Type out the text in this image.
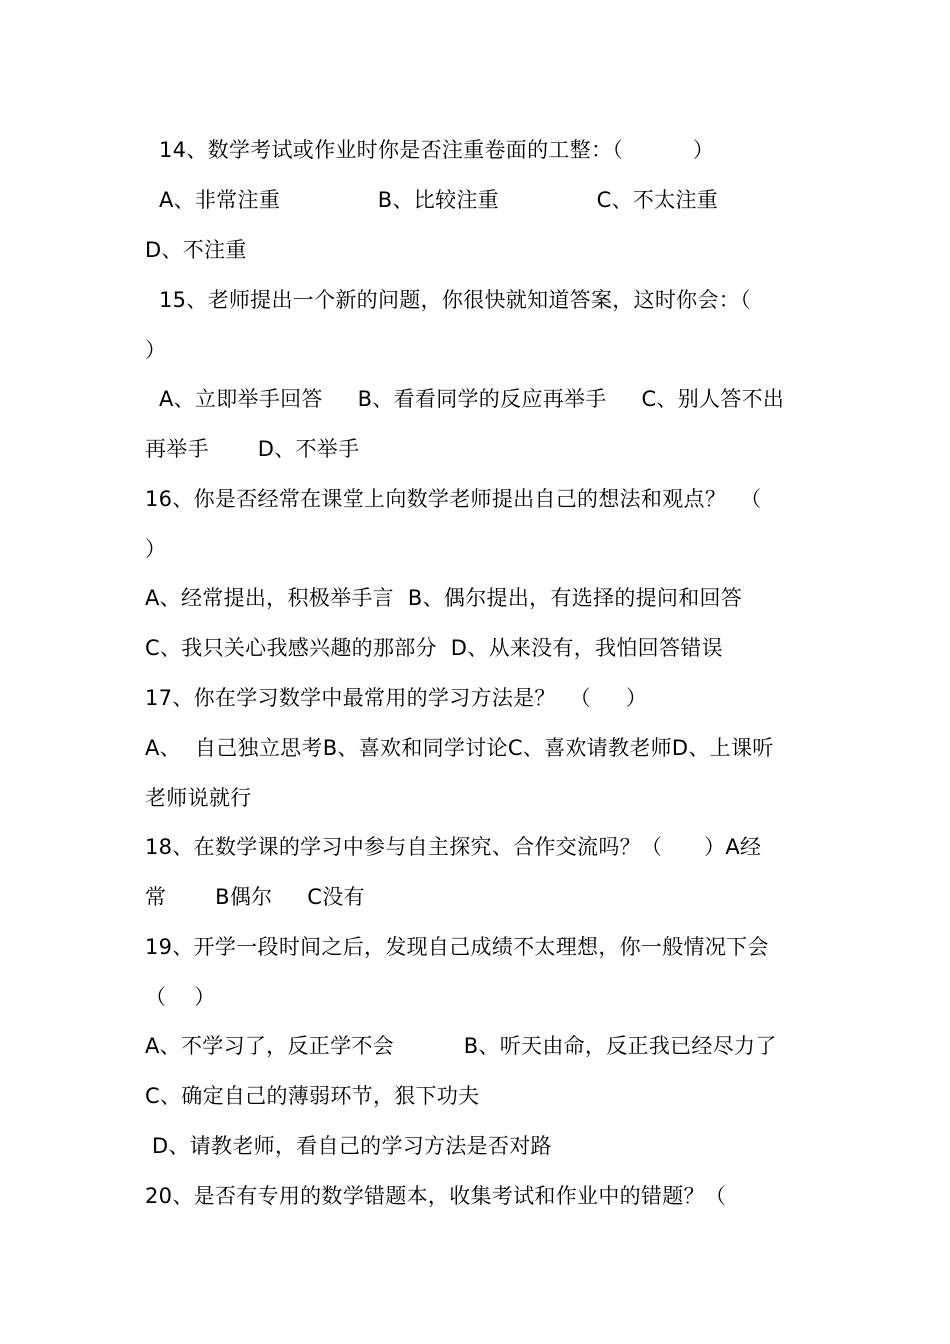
14、数学考试或作业时你是否注重卷面的工整：（          ）
A、非常注重              B、比较注重              C、不太注重
D、不注重
15、老师提出一个新的问题，你很快就知道答案，这时你会：（
）
A、立即举手回答     B、看看同学的反应再举手     C、别人答不出
再举手       D、不举手
16、你是否经常在课堂上向数学老师提出自己的想法和观点？  （
）
A、经常提出，积极举手言  B、偶尔提出，有选择的提问和回答
C、我只关心我感兴趣的那部分  D、从来没有，我怕回答错误
17、你在学习数学中最常用的学习方法是？  （     ）
A、  自己独立思考B、喜欢和同学讨论C、喜欢请教老师D、上课听
老师说就行
18、在数学课的学习中参与自主探究、合作交流吗？（      ）A经
常       B偶尔     C没有
19、开学一段时间之后，发现自己成绩不太理想，你一般情况下会
（    ）
A、不学习了，反正学不会          B、听天由命，反正我已经尽力了
C、确定自己的薄弱环节，狠下功夫
D、请教老师，看自己的学习方法是否对路
20、是否有专用的数学错题本，收集考试和作业中的错题？（
